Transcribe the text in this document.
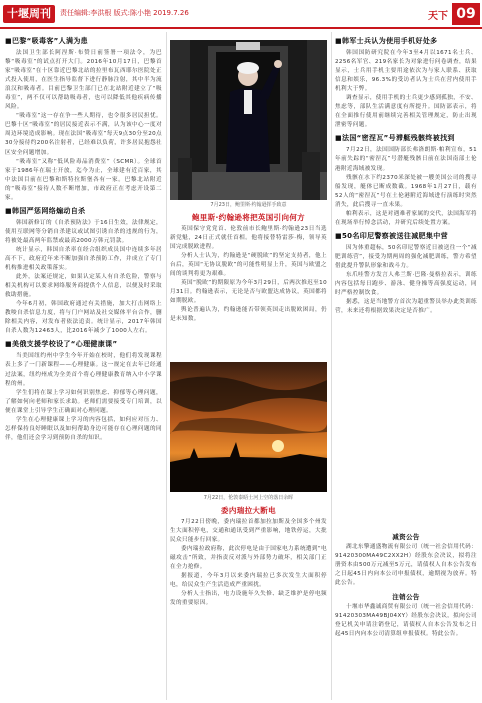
十堰周刊	责任编辑:李洪根 版式:陈小艳 2019.7.26	天下 09
■巴黎“吸毒客”人满为患

法国卫生部长阿涅斯·布赞日前签署一项法令，为巴黎“吸毒室”的试点打开大门。2016年10月17日，巴黎首家“吸毒室”在十区靠近巴黎北站的拉里布瓦西耶尔医院处正式投入使用，在医生指导监督下进行静脉注射，其中半为流浪汉和吸毒者。目前巴黎卫生部门已在北站附近建立了“吸毒室”，两不仅可以帮助吸毒者，也可以降低其他疾病传播风险。

“吸毒室”这一存在争一些人期待，也令很多居民担忧。巴黎十区“吸毒室”的居民接近表示不满，认为该中心一度对周边环境造成影响。现在法国“吸毒室”每天9点30分至20点30分接待约200名注射者，已经难以负荷，许多居民抱怨社区安全问题增加。

“吸毒室”又称“低风险毒品消费室”（SCMR）。全球首家于1986年在瑞士开放，迄今为止，全球建有近百家，其中法国目前在巴黎和斯特拉斯堡各有一家。巴黎北站附近的“吸毒室”接待人数不断增加，市政府正在考虑开设第二家。

■韩国严惩网络煽动自杀

韩国新修订的《自杀预防法》于16日生效，法律规定，使用互联网等分销自杀建议或试图引诱自杀的违规的行为，将被处最高两年监禁或最高2000万韩元罚款。

统计显示，韩国自杀率在经合组织成员国中连续多年居高不下，政府近年来不断加强自杀预防工作，并成立了专门机构推进相关政策落实。

此外，法案还规定，如果认定某人有自杀危险，警察与相关机构可以要求网络服务商提供个人信息，以便及时采取救助措施。

今年6月初，韩国政府通过有关措施，加大打击网络上教唆自杀信息力度，将与门户网站及社交媒体平台合作，删除相关内容，对发布者依法追责。统计显示，2017年韩国自杀人数为12463人，比2016年减少了1000人左右。

■美俄支援学校设了“心理健康课”

当美国纽约州中学生今年开始在校时，他们将发现课程表上多了一门新课程——心理健康。这一规定在去年已经通过法案，纽约州成为全美首个将心理健康教育纳入中小学课程的州。

学生们将在课上学习如何识别焦虑、抑郁等心理问题，了解如何向老师和家长求助。老师们需要接受专门培训，以便在课堂上引导学生正确面对心理问题。

学生在心理健康课上学习的内容包括，如何应对压力、怎样保持良好睡眠以及如何帮助身边可能存在心理问题的同伴，他们还会学习到预防自杀的知识。

7月23日，鲍里斯·约翰逊挥手致意
鲍里斯·约翰逊将把英国引向何方

英国保守党党首、伦敦前市长鲍里斯·约翰逊23日当选新党魁，24日正式就任首相。他将接替特雷莎·梅，领导英国完成脱欧进程。

分析人士认为，约翰逊是“硬脱欧”的坚定支持者，他上台后，英国“无协议脱欧”的可能性明显上升，英国与欧盟之间的谈判将更为艰难。

英国“脱欧”的期限原为今年3月29日，后两次推迟至10月31日。约翰逊表示，无论是否与欧盟达成协议，英国都将如期脱欧。

舆论普遍认为，约翰逊能否带领英国走出脱欧困局，仍是未知数。

7月22日，伦敦泰晤士河上空的落日余晖
委内瑞拉大断电

7月22日傍晚，委内瑞拉首都加拉加斯及全国多个州发生大面积停电，交通和通讯受到严重影响，地铁停运，大批民众只能步行回家。

委内瑞拉政府称，此次停电是由于国家电力系统遭到“电磁攻击”所致，并指责反对派与外部势力破坏，相关部门正在全力抢修。

据报道，今年3月以来委内瑞拉已多次发生大面积停电，给民众生产生活造成严重困扰。

分析人士指出，电力设施年久失修、缺乏维护是停电频发的重要原因。

■韩军士兵认为使用手机好处多

韩国国防研究院在今年3至4月以1671名士兵、2256名军官、219名家长为对象进行问卷调查，结果显示，士兵用手机主要用途依次为与家人联系、获取信息和娱乐，96.3%的受访者认为士兵在营内使用手机利大于弊。

调查显示，使用手机的士兵更少感到孤独，不安、焦虑等，部队生活满意度有所提升。国防部表示，将在全面推行使用前继续完善相关管理规定，防止出现泄密等问题。

■法国“密涅瓦”号滞艇残骸终被找到

7月22日，法国国防部长弗洛朗斯·帕利宣布，51年前失踪的“密涅瓦”号潜艇残骸日前在法国南部土伦港附近海域被发现。

残骸在水下约2370米深处被一艘美国公司的搜寻船发现，艇体已断成数截。1968年1月27日，载有52人的“密涅瓦”号在土伦港附近海域进行演练时突然消失，此后搜寻一直未果。

帕利表示，这是对遇难者家属的交代，法国海军将在现场举行悼念活动，并研究后续处置方案。

■50名印尼警察被送往减肥集中营

因为体重超标，50名印尼警察近日被送往一个“减肥训练营”，接受为期两周的强化减肥训练，警方希望借此提升警队形象和战斗力。

东爪哇警方发言人弗兰斯·巴隆·曼格拉表示，训练内容包括每日跑步、游泳、健身操等高强度运动，同时严格控制饮食。

据悉，这是当地警方首次为超重警员举办此类训练营，未来还将根据效果决定是否推广。

减资公告

湖北东擎通盛物流有限公司（统一社会信用代码：91420300MA49C2XX2H）经股东会决议，拟将注册资本由500万元减至5万元，请债权人自本公告发布之日起45日内向本公司申报债权，逾期视为放弃。特此公告。

注销公告

十堰市华鑫诚商贸有限公司（统一社会信用代码：91420303MA49BJ04XY）经股东会决议，拟向公司登记机关申请注销登记，请债权人自本公告发布之日起45日内向本公司清算组申报债权。特此公告。
